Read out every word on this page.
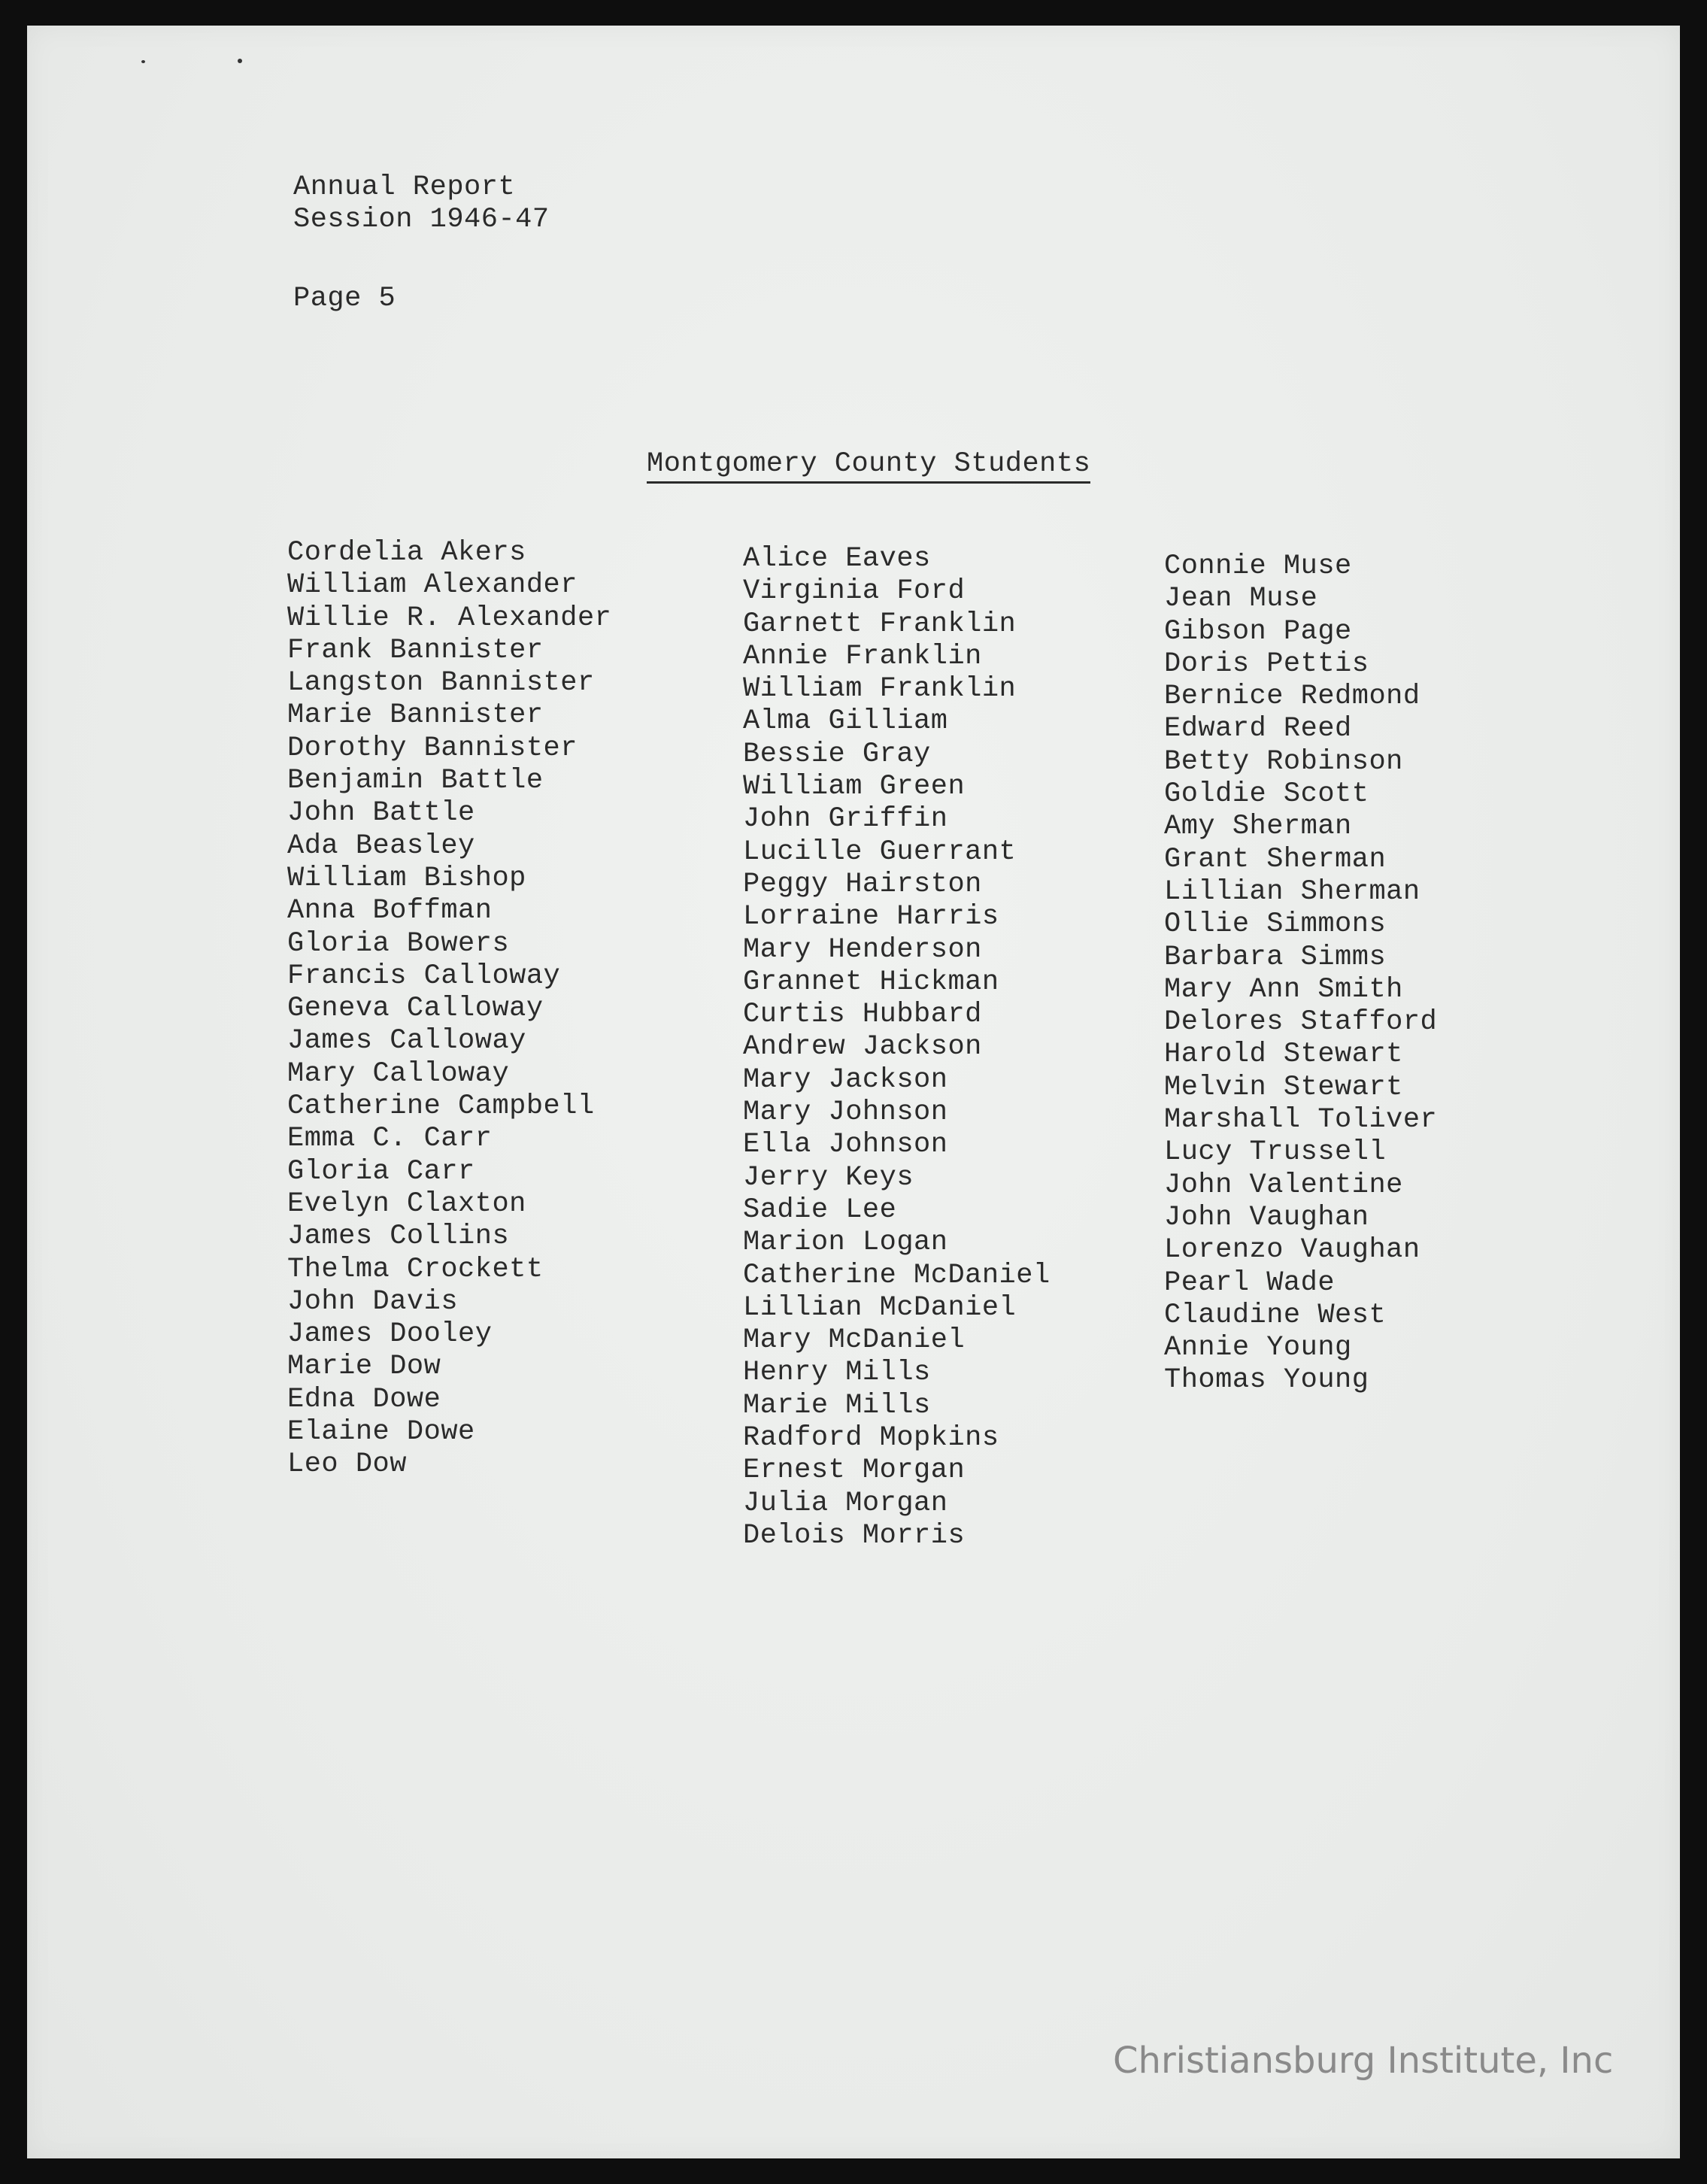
Annual Report
Session 1946-47
Page 5
Montgomery County Students
Cordelia Akers
William Alexander
Willie R. Alexander
Frank Bannister
Langston Bannister
Marie Bannister
Dorothy Bannister
Benjamin Battle
John Battle
Ada Beasley
William Bishop
Anna Boffman
Gloria Bowers
Francis Calloway
Geneva Calloway
James Calloway
Mary Calloway
Catherine Campbell
Emma C. Carr
Gloria Carr
Evelyn Claxton
James Collins
Thelma Crockett
John Davis
James Dooley
Marie Dow
Edna Dowe
Elaine Dowe
Leo Dow
Alice Eaves
Virginia Ford
Garnett Franklin
Annie Franklin
William Franklin
Alma Gilliam
Bessie Gray
William Green
John Griffin
Lucille Guerrant
Peggy Hairston
Lorraine Harris
Mary Henderson
Grannet Hickman
Curtis Hubbard
Andrew Jackson
Mary Jackson
Mary Johnson
Ella Johnson
Jerry Keys
Sadie Lee
Marion Logan
Catherine McDaniel
Lillian McDaniel
Mary McDaniel
Henry Mills
Marie Mills
Radford Mopkins
Ernest Morgan
Julia Morgan
Delois Morris
Connie Muse
Jean Muse
Gibson Page
Doris Pettis
Bernice Redmond
Edward Reed
Betty Robinson
Goldie Scott
Amy Sherman
Grant Sherman
Lillian Sherman
Ollie Simmons
Barbara Simms
Mary Ann Smith
Delores Stafford
Harold Stewart
Melvin Stewart
Marshall Toliver
Lucy Trussell
John Valentine
John Vaughan
Lorenzo Vaughan
Pearl Wade
Claudine West
Annie Young
Thomas Young
Christiansburg Institute, Inc
